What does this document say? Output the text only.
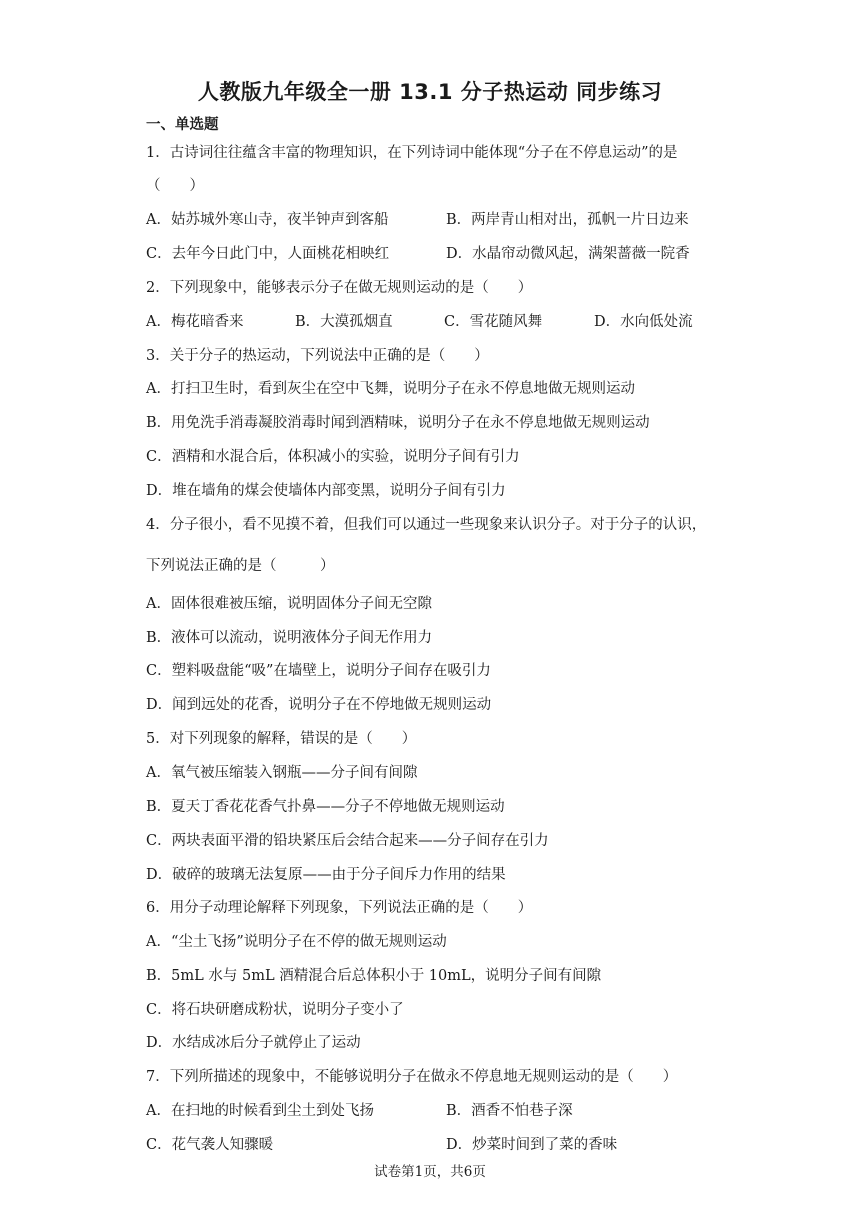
人教版九年级全一册 13.1 分子热运动 同步练习
一、单选题
1．古诗词往往蕴含丰富的物理知识，在下列诗词中能体现“分子在不停息运动”的是
（　　）
A．姑苏城外寒山寺，夜半钟声到客船	B．两岸青山相对出，孤帆一片日边来
C．去年今日此门中，人面桃花相映红	D．水晶帘动微风起，满架蔷薇一院香
2．下列现象中，能够表示分子在做无规则运动的是（　　）
A．梅花暗香来	B．大漠孤烟直	C．雪花随风舞	D．水向低处流
3．关于分子的热运动，下列说法中正确的是（　　）
A．打扫卫生时，看到灰尘在空中飞舞，说明分子在永不停息地做无规则运动
B．用免洗手消毒凝胶消毒时闻到酒精味，说明分子在永不停息地做无规则运动
C．酒精和水混合后，体积减小的实验，说明分子间有引力
D．堆在墙角的煤会使墙体内部变黑，说明分子间有引力
4．分子很小，看不见摸不着，但我们可以通过一些现象来认识分子。对于分子的认识，
下列说法正确的是（　　　）
A．固体很难被压缩，说明固体分子间无空隙
B．液体可以流动，说明液体分子间无作用力
C．塑料吸盘能“吸”在墙壁上，说明分子间存在吸引力
D．闻到远处的花香，说明分子在不停地做无规则运动
5．对下列现象的解释，错误的是（　　）
A．氧气被压缩装入钢瓶——分子间有间隙
B．夏天丁香花花香气扑鼻——分子不停地做无规则运动
C．两块表面平滑的铅块紧压后会结合起来——分子间存在引力
D．破碎的玻璃无法复原——由于分子间斥力作用的结果
6．用分子动理论解释下列现象，下列说法正确的是（　　）
A．“尘土飞扬”说明分子在不停的做无规则运动
B．5mL 水与 5mL 酒精混合后总体积小于 10mL，说明分子间有间隙
C．将石块研磨成粉状，说明分子变小了
D．水结成冰后分子就停止了运动
7．下列所描述的现象中，不能够说明分子在做永不停息地无规则运动的是（　　）
A．在扫地的时候看到尘土到处飞扬	B．酒香不怕巷子深
C．花气袭人知骤暖	D．炒菜时间到了菜的香味
试卷第1页，共6页
